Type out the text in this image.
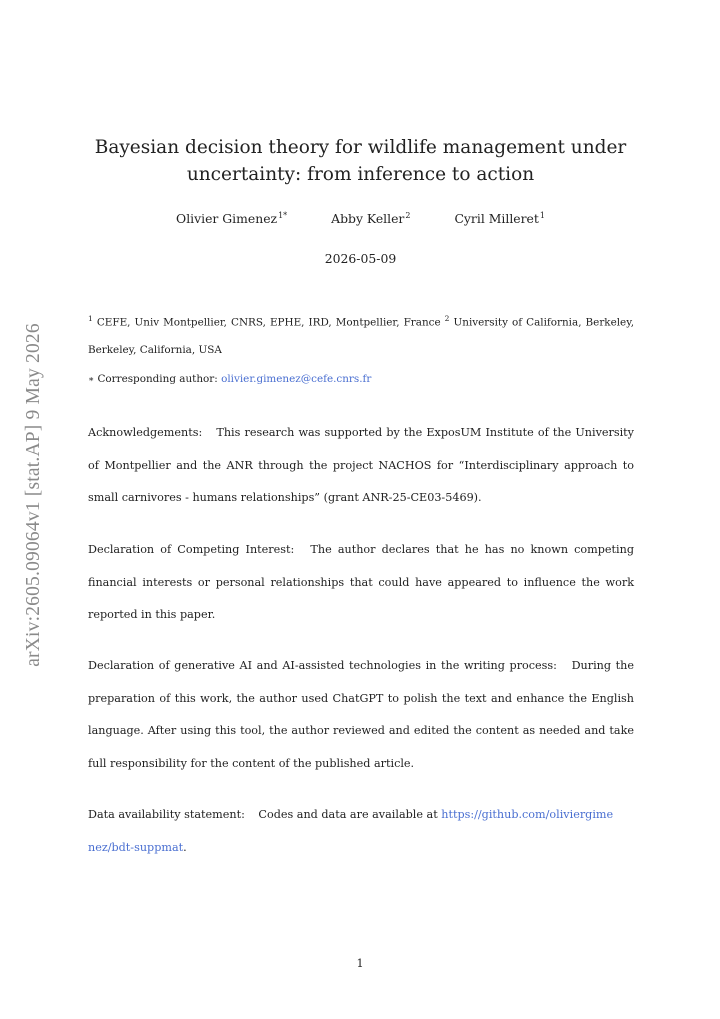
arXiv:2605.09064v1 [stat.AP] 9 May 2026
Bayesian decision theory for wildlife management under
uncertainty: from inference to action
Olivier Gimenez$^{1*}$	Abby Keller$^2$	Cyril Milleret$^1$
2026-05-09
$^1$ CEFE, Univ Montpellier, CNRS, EPHE, IRD, Montpellier, France $^2$ University of California, Berkeley, Berkeley, California, USA
∗ Corresponding author: olivier.gimenez@cefe.cnrs.fr
Acknowledgements: This research was supported by the ExposUM Institute of the University of Montpellier and the ANR through the project NACHOS for “Interdisciplinary approach to small carnivores - humans relationships” (grant ANR-25-CE03-5469).
Declaration of Competing Interest: The author declares that he has no known competing financial interests or personal relationships that could have appeared to influence the work reported in this paper.
Declaration of generative AI and AI-assisted technologies in the writing process: During the preparation of this work, the author used ChatGPT to polish the text and enhance the English language. After using this tool, the author reviewed and edited the content as needed and take full responsibility for the content of the published article.
Data availability statement: Codes and data are available at https://github.com/oliviergime
nez/bdt-suppmat.
1
